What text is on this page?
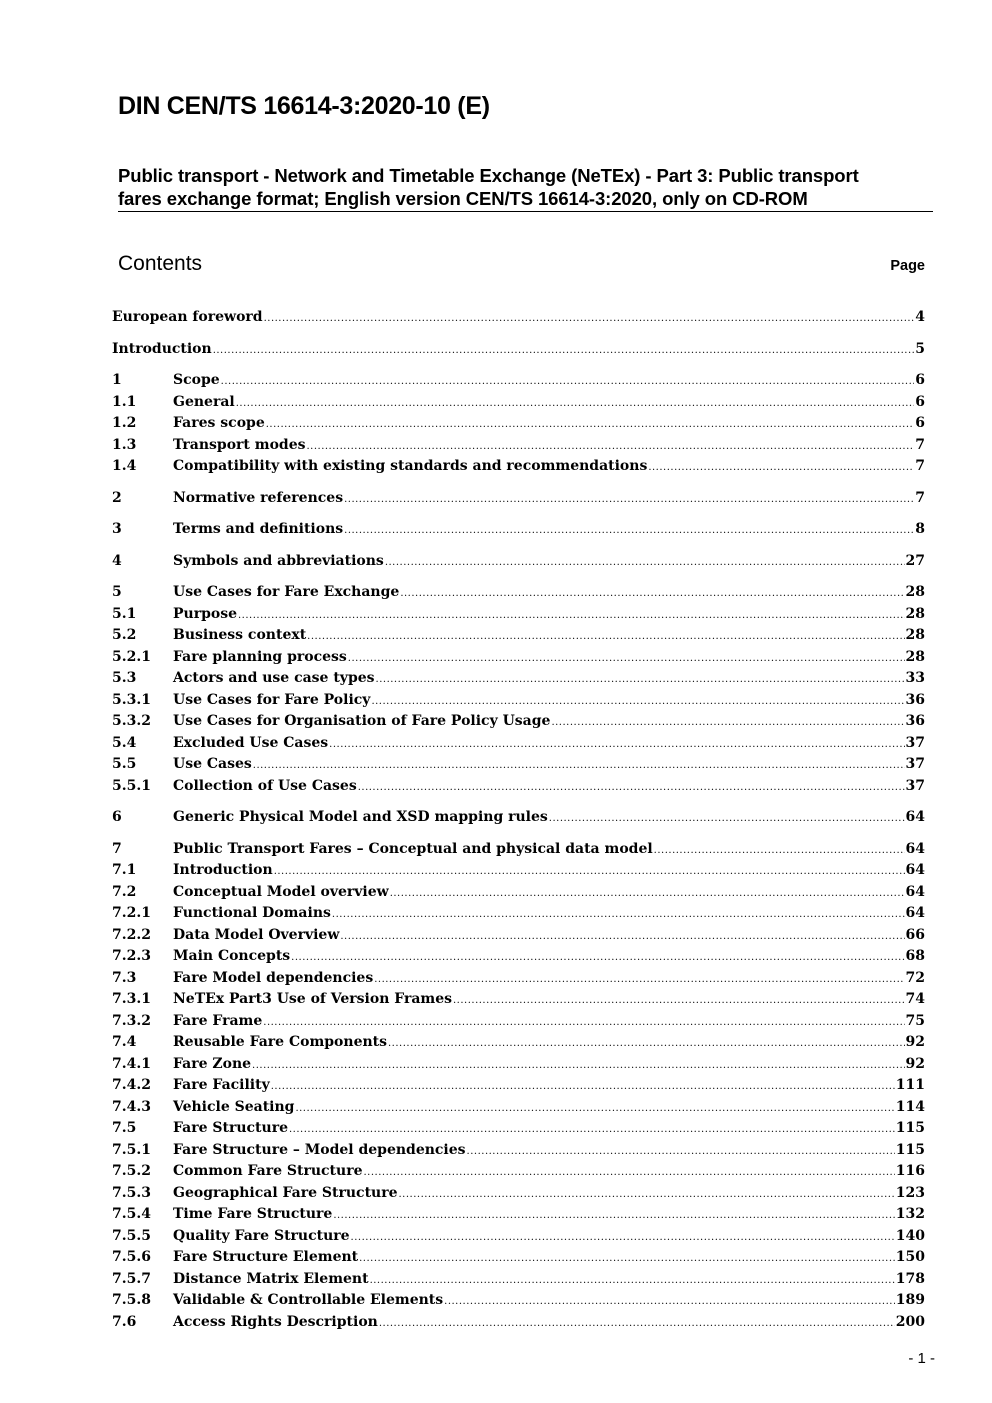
DIN CEN/TS 16614-3:2020-10 (E)
Public transport - Network and Timetable Exchange (NeTEx) - Part 3: Public transport
fares exchange format; English version CEN/TS 16614-3:2020, only on CD-ROM
Contents	Page
European foreword .....	4
Introduction .....	5
1	Scope .....	6
1.1	General .....	6
1.2	Fares scope .....	6
1.3	Transport modes .....	7
1.4	Compatibility with existing standards and recommendations .....	7
2	Normative references .....	7
3	Terms and definitions .....	8
4	Symbols and abbreviations .....	27
5	Use Cases for Fare Exchange .....	28
5.1	Purpose .....	28
5.2	Business context .....	28
5.2.1	Fare planning process .....	28
5.3	Actors and use case types .....	33
5.3.1	Use Cases for Fare Policy .....	36
5.3.2	Use Cases for Organisation of Fare Policy Usage .....	36
5.4	Excluded Use Cases .....	37
5.5	Use Cases .....	37
5.5.1	Collection of Use Cases .....	37
6	Generic Physical Model and XSD mapping rules .....	64
7	Public Transport Fares – Conceptual and physical data model .....	64
7.1	Introduction .....	64
7.2	Conceptual Model overview .....	64
7.2.1	Functional Domains .....	64
7.2.2	Data Model Overview .....	66
7.2.3	Main Concepts .....	68
7.3	Fare Model dependencies .....	72
7.3.1	NeTEx Part3 Use of Version Frames .....	74
7.3.2	Fare Frame .....	75
7.4	Reusable Fare Components .....	92
7.4.1	Fare Zone .....	92
7.4.2	Fare Facility .....	111
7.4.3	Vehicle Seating .....	114
7.5	Fare Structure .....	115
7.5.1	Fare Structure – Model dependencies .....	115
7.5.2	Common Fare Structure .....	116
7.5.3	Geographical Fare Structure .....	123
7.5.4	Time Fare Structure .....	132
7.5.5	Quality Fare Structure .....	140
7.5.6	Fare Structure Element .....	150
7.5.7	Distance Matrix Element .....	178
7.5.8	Validable & Controllable Elements .....	189
7.6	Access Rights Description .....	200
- 1 -
